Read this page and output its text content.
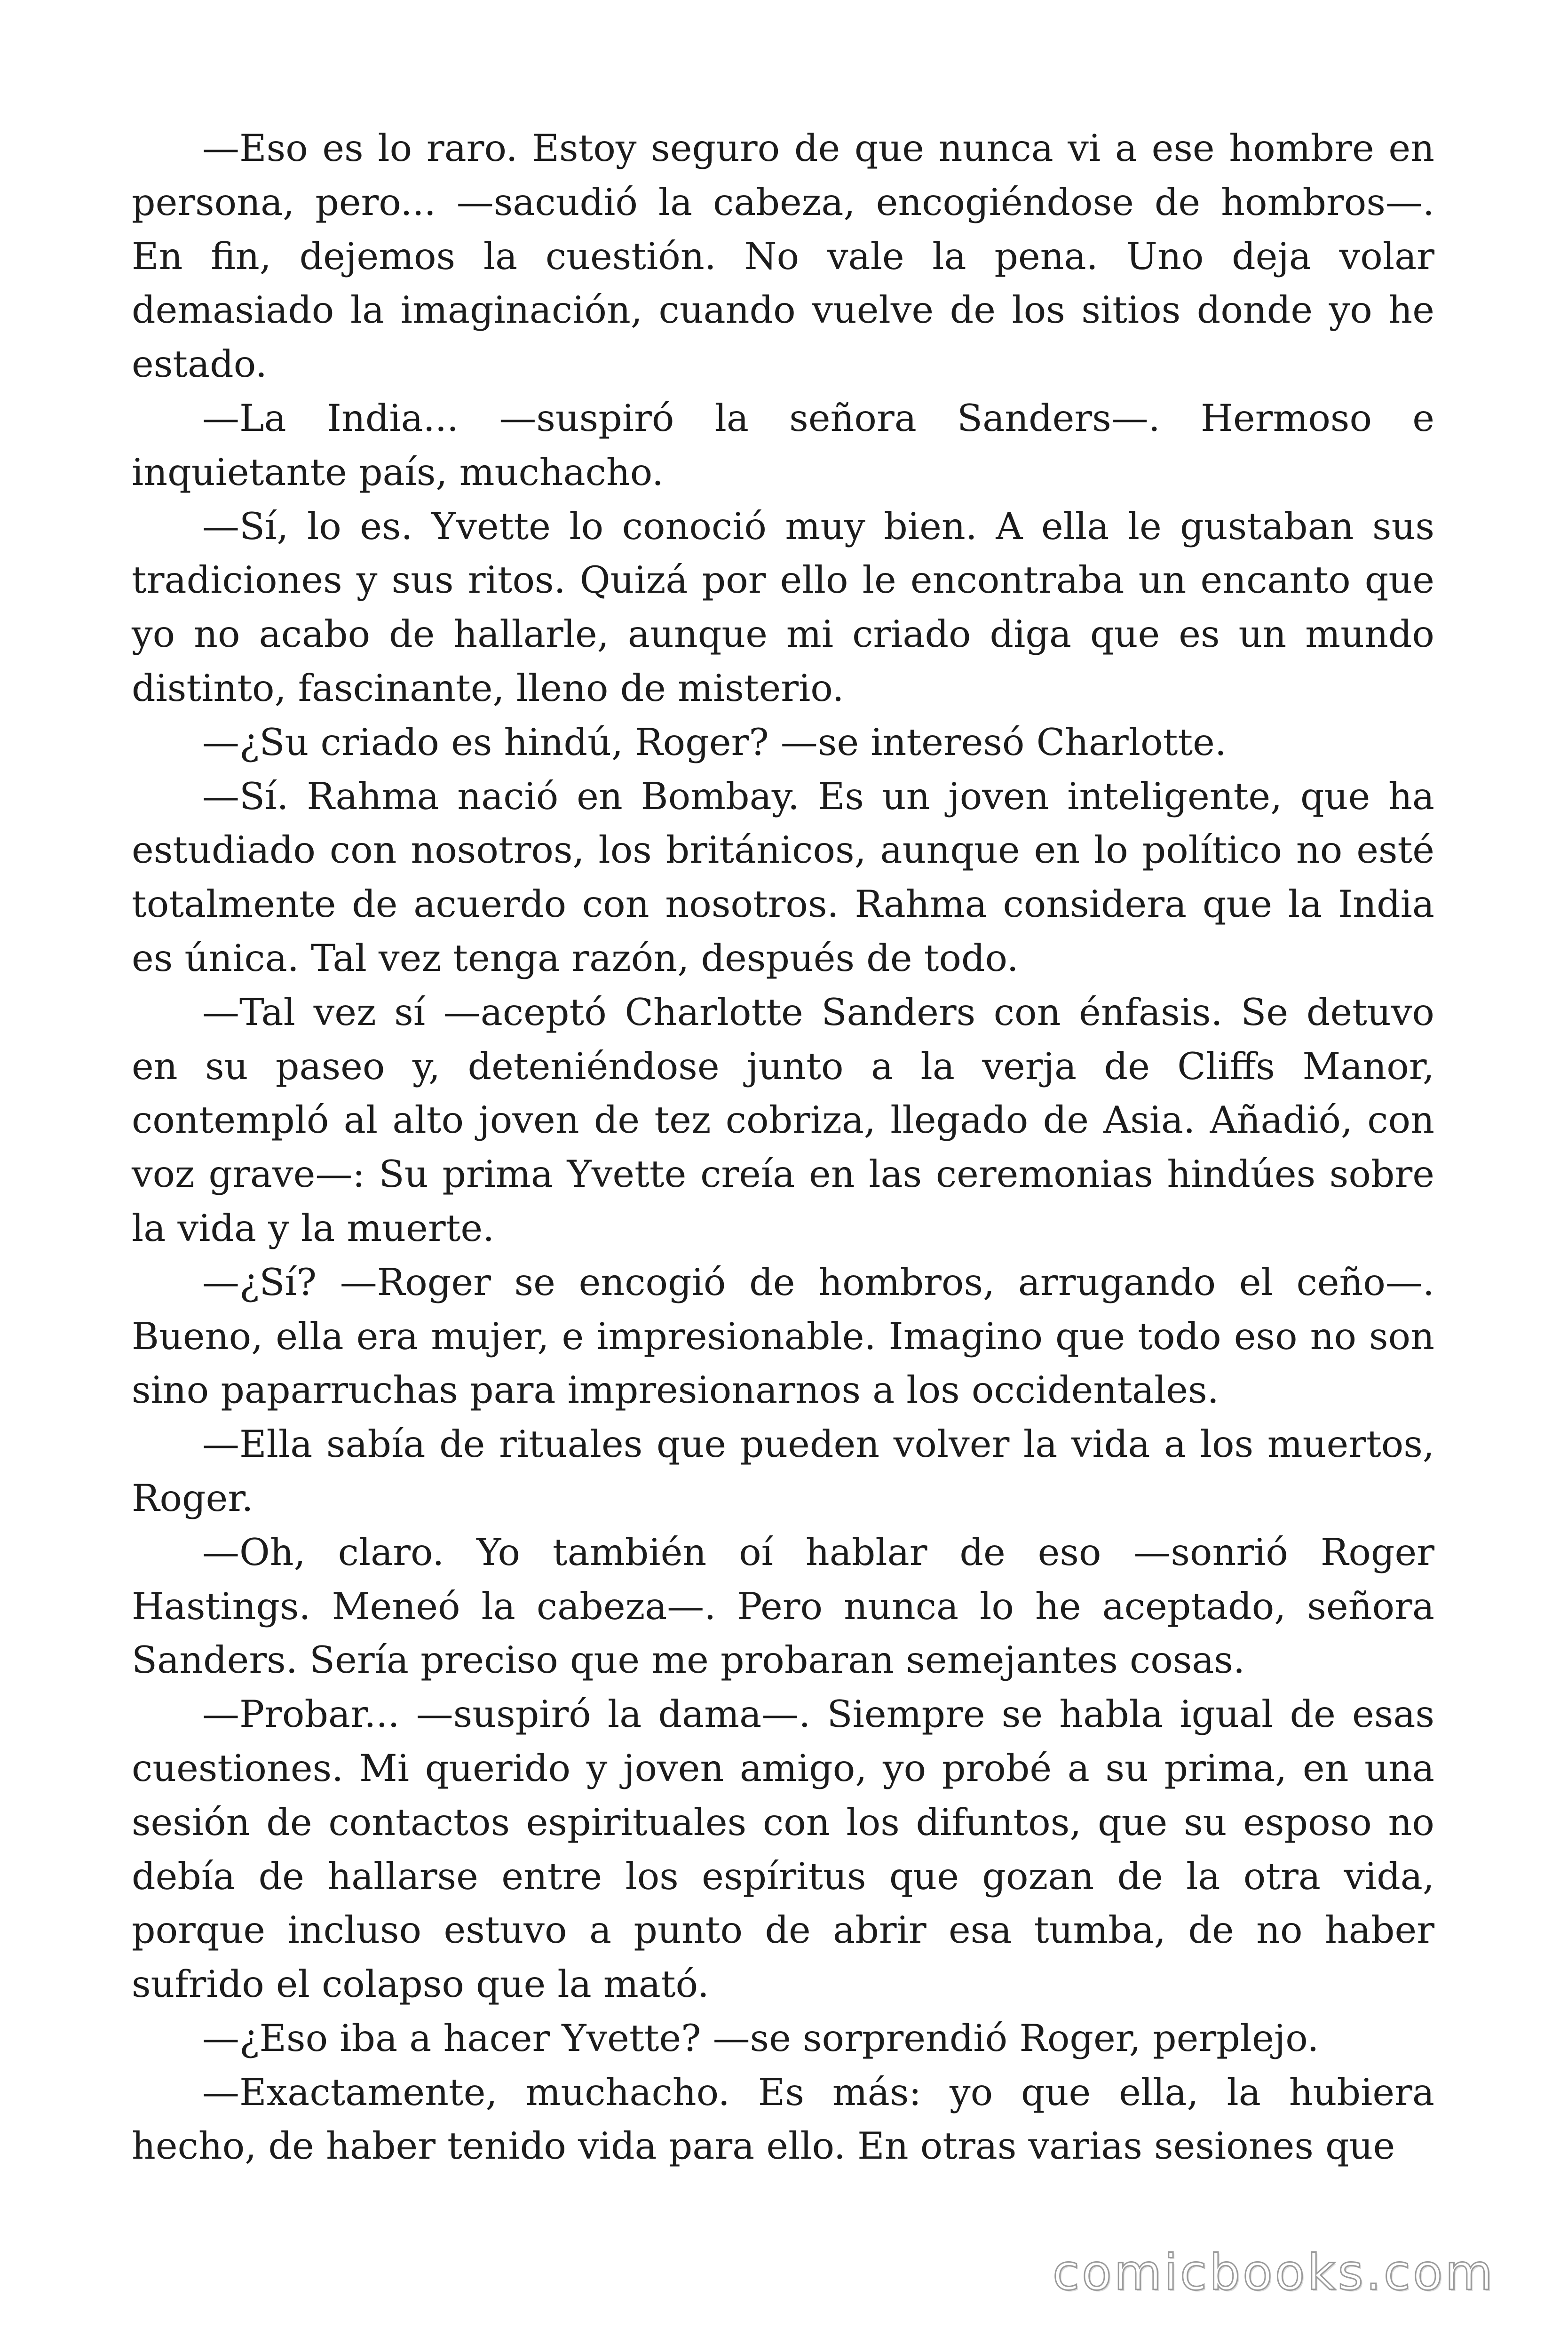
—Eso es lo raro. Estoy seguro de que nunca vi a ese hombre en persona, pero... —sacudió la cabeza, encogiéndose de hombros—. En fin, dejemos la cuestión. No vale la pena. Uno deja volar demasiado la imaginación, cuando vuelve de los sitios donde yo he estado.

—La India... —suspiró la señora Sanders—. Hermoso e inquietante país, muchacho.

—Sí, lo es. Yvette lo conoció muy bien. A ella le gustaban sus tradiciones y sus ritos. Quizá por ello le encontraba un encanto que yo no acabo de hallarle, aunque mi criado diga que es un mundo distinto, fascinante, lleno de misterio.

—¿Su criado es hindú, Roger? —se interesó Charlotte.

—Sí. Rahma nació en Bombay. Es un joven inteligente, que ha estudiado con nosotros, los británicos, aunque en lo político no esté totalmente de acuerdo con nosotros. Rahma considera que la India es única. Tal vez tenga razón, después de todo.

—Tal vez sí —aceptó Charlotte Sanders con énfasis. Se detuvo en su paseo y, deteniéndose junto a la verja de Cliffs Manor, contempló al alto joven de tez cobriza, llegado de Asia. Añadió, con voz grave—: Su prima Yvette creía en las ceremonias hindúes sobre la vida y la muerte.

—¿Sí? —Roger se encogió de hombros, arrugando el ceño—. Bueno, ella era mujer, e impresionable. Imagino que todo eso no son sino paparruchas para impresionarnos a los occidentales.

—Ella sabía de rituales que pueden volver la vida a los muertos, Roger.

—Oh, claro. Yo también oí hablar de eso —sonrió Roger Hastings. Meneó la cabeza—. Pero nunca lo he aceptado, señora Sanders. Sería preciso que me probaran semejantes cosas.

—Probar... —suspiró la dama—. Siempre se habla igual de esas cuestiones. Mi querido y joven amigo, yo probé a su prima, en una sesión de contactos espirituales con los difuntos, que su esposo no debía de hallarse entre los espíritus que gozan de la otra vida, porque incluso estuvo a punto de abrir esa tumba, de no haber sufrido el colapso que la mató.

—¿Eso iba a hacer Yvette? —se sorprendió Roger, perplejo.

—Exactamente, muchacho. Es más: yo que ella, la hubiera hecho, de haber tenido vida para ello. En otras varias sesiones que

comicbooks.com
